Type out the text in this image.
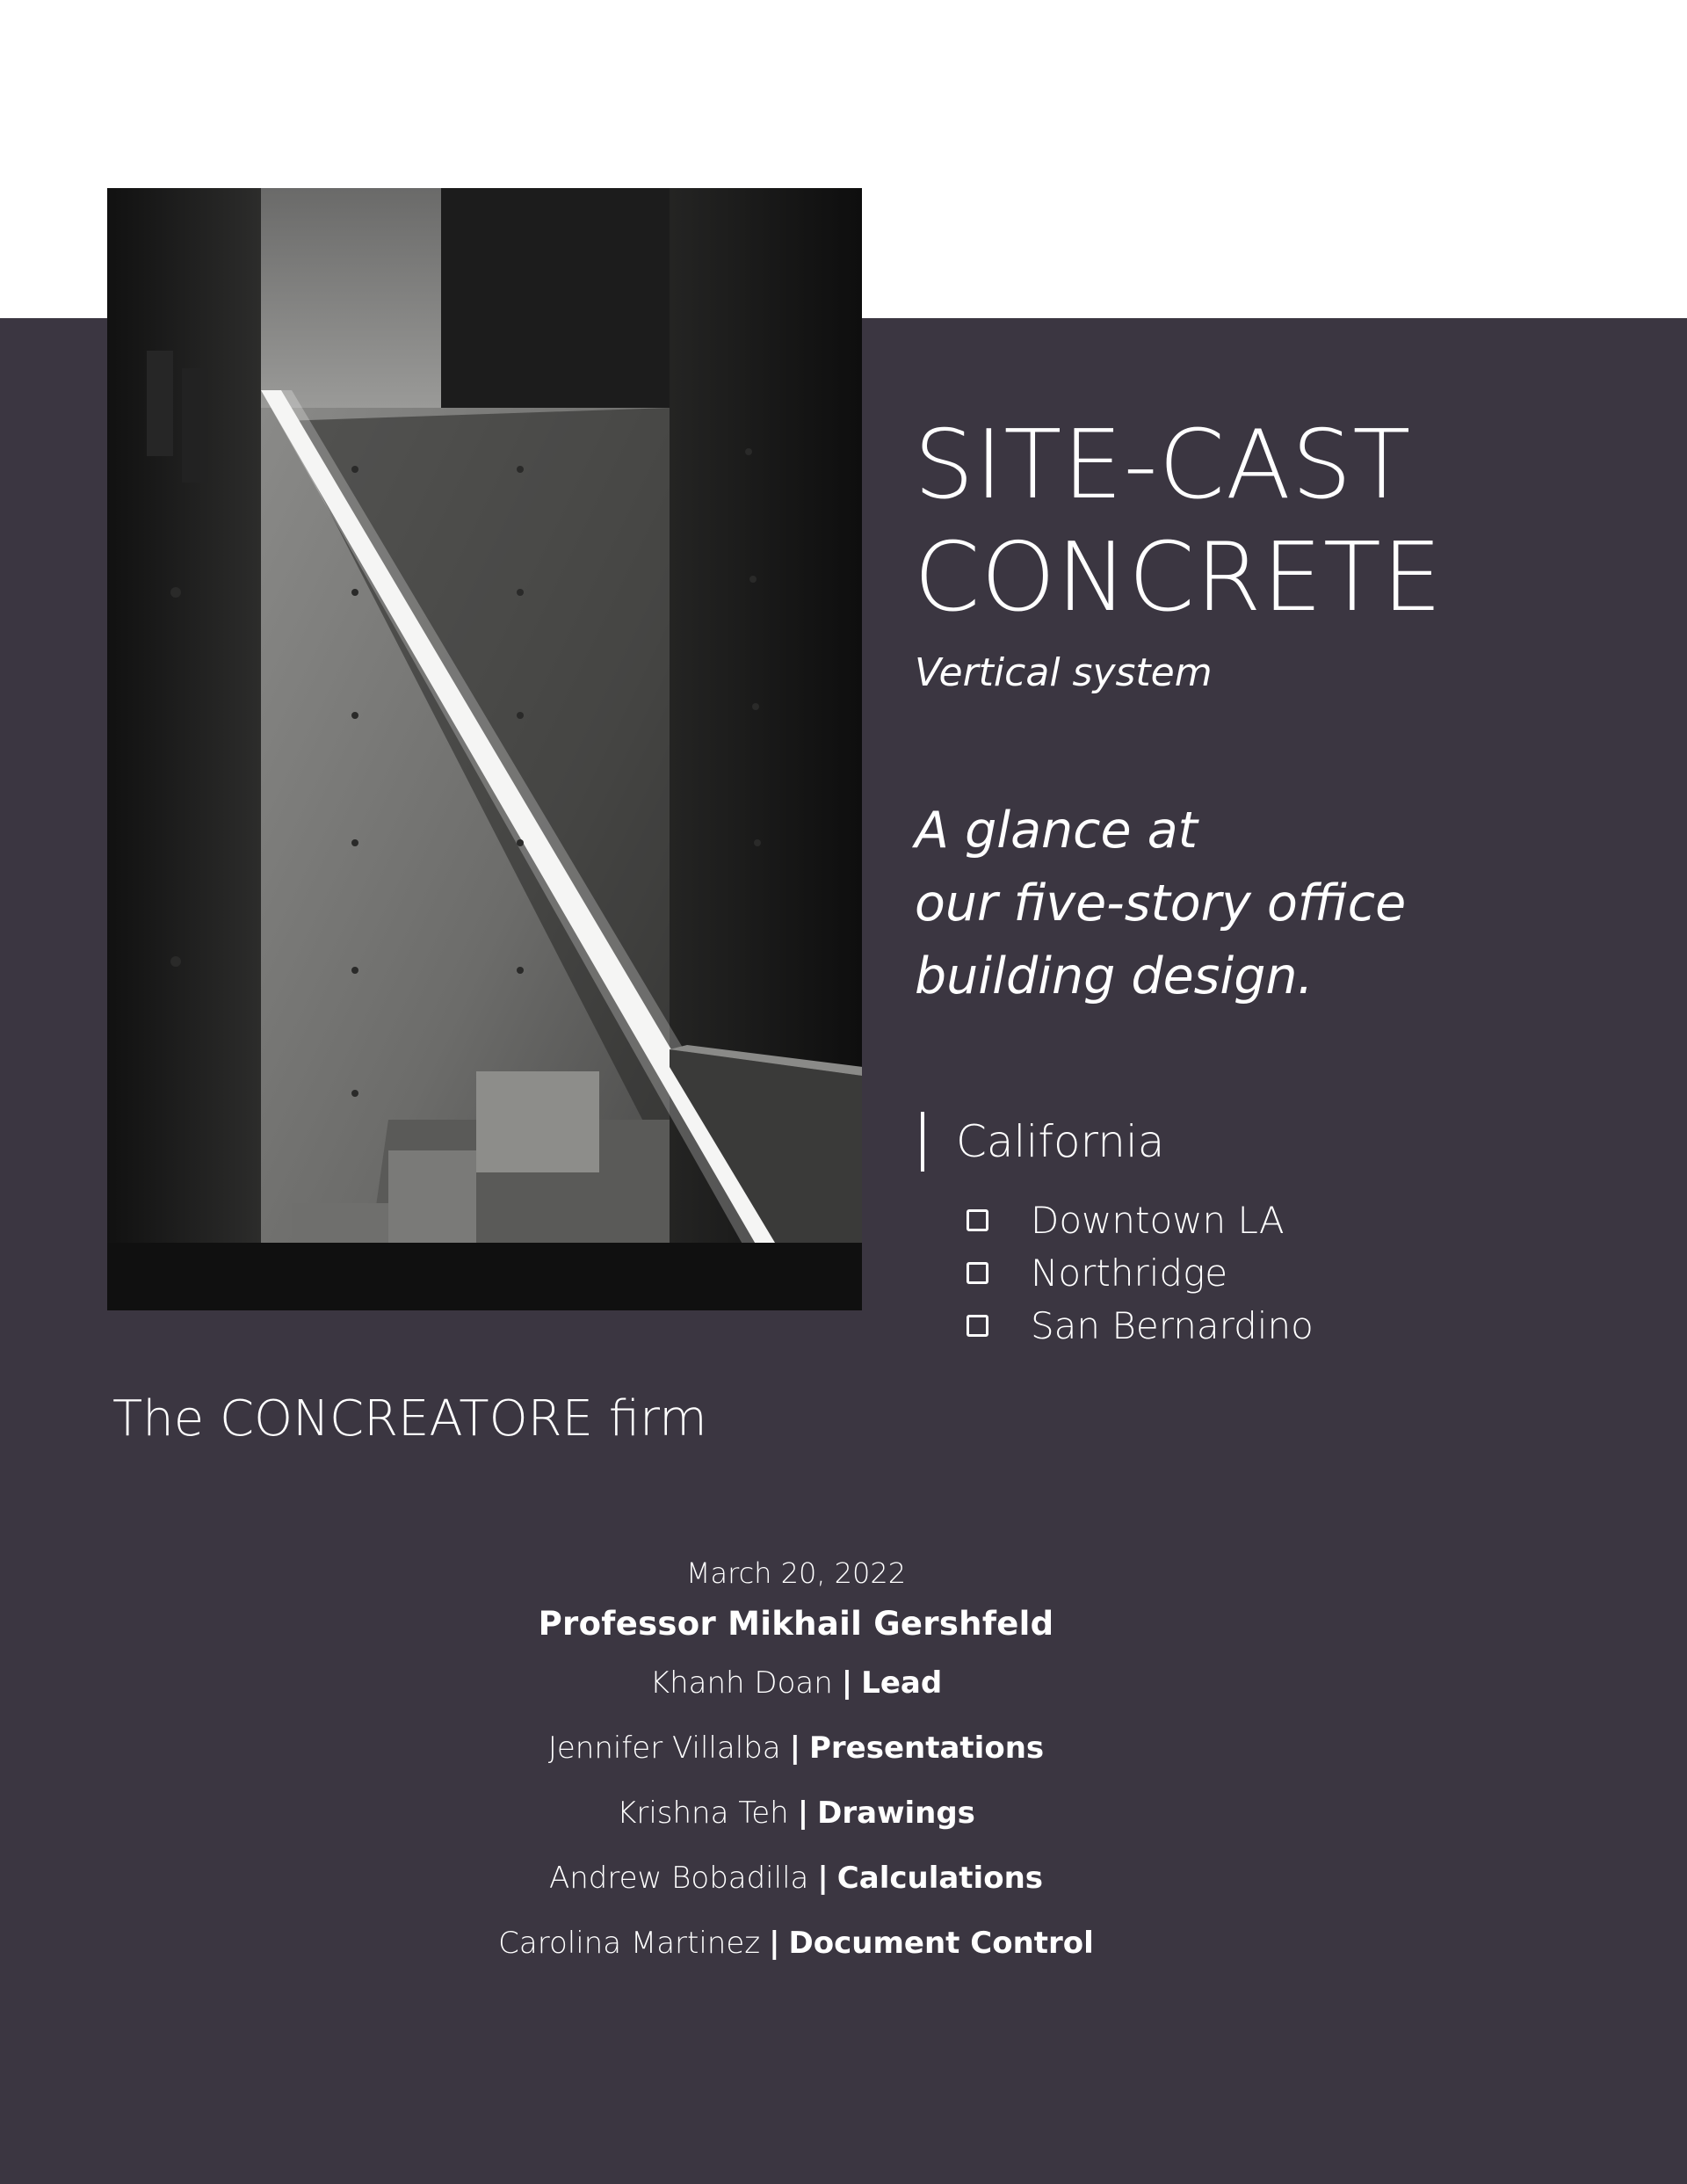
SITE-CAST
CONCRETE
Vertical system
A glance at
our five-story office
building design.
California
Downtown LA
Northridge
San Bernardino
The CONCREATORE firm
March 20, 2022
Professor Mikhail Gershfeld
Khanh Doan | Lead
Jennifer Villalba | Presentations
Krishna Teh | Drawings
Andrew Bobadilla | Calculations
Carolina Martinez | Document Control
